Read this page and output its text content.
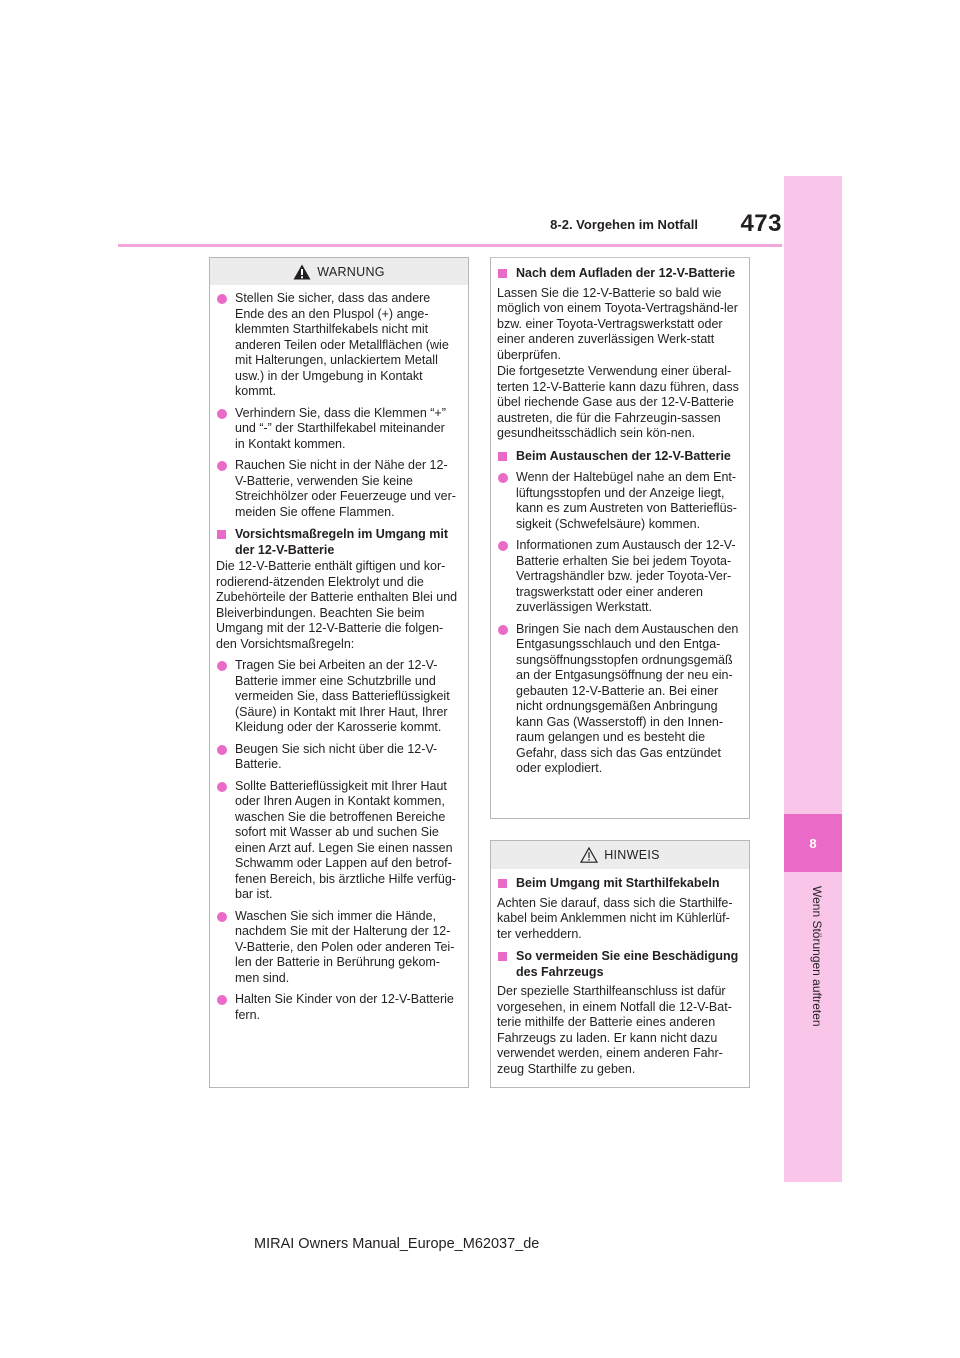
8
Wenn Störungen auftreten
8-2. Vorgehen im Notfall	473
WARNUNG
Stellen Sie sicher, dass das andere Ende des an den Pluspol (+) ange-klemmten Starthilfekabels nicht mit anderen Teilen oder Metallflächen (wie mit Halterungen, unlackiertem Metall usw.) in der Umgebung in Kontakt kommt.
Verhindern Sie, dass die Klemmen “+” und “-” der Starthilfekabel miteinander in Kontakt kommen.
Rauchen Sie nicht in der Nähe der 12-V-Batterie, verwenden Sie keine Streichhölzer oder Feuerzeuge und ver-meiden Sie offene Flammen.
Vorsichtsmaßregeln im Umgang mit der 12-V-Batterie
Die 12-V-Batterie enthält giftigen und kor-rodierend-ätzenden Elektrolyt und die Zubehörteile der Batterie enthalten Blei und Bleiverbindungen. Beachten Sie beim Umgang mit der 12-V-Batterie die folgen-den Vorsichtsmaßregeln:
Tragen Sie bei Arbeiten an der 12-V-Batterie immer eine Schutzbrille und vermeiden Sie, dass Batterieflüssigkeit (Säure) in Kontakt mit Ihrer Haut, Ihrer Kleidung oder der Karosserie kommt.
Beugen Sie sich nicht über die 12-V-Batterie.
Sollte Batterieflüssigkeit mit Ihrer Haut oder Ihren Augen in Kontakt kommen, waschen Sie die betroffenen Bereiche sofort mit Wasser ab und suchen Sie einen Arzt auf. Legen Sie einen nassen Schwamm oder Lappen auf den betrof-fenen Bereich, bis ärztliche Hilfe verfüg-bar ist.
Waschen Sie sich immer die Hände, nachdem Sie mit der Halterung der 12-V-Batterie, den Polen oder anderen Tei-len der Batterie in Berührung gekom-men sind.
Halten Sie Kinder von der 12-V-Batterie fern.
Nach dem Aufladen der 12-V-Batterie
Lassen Sie die 12-V-Batterie so bald wie möglich von einem Toyota-Vertragshänd-ler bzw. einer Toyota-Vertragswerkstatt oder einer anderen zuverlässigen Werk-statt überprüfen.
Die fortgesetzte Verwendung einer überal-terten 12-V-Batterie kann dazu führen, dass übel riechende Gase aus der 12-V-Batterie austreten, die für die Fahrzeugin-sassen gesundheitsschädlich sein kön-nen.
Beim Austauschen der 12-V-Batterie
Wenn der Haltebügel nahe an dem Ent-lüftungsstopfen und der Anzeige liegt, kann es zum Austreten von Batterieflüs-sigkeit (Schwefelsäure) kommen.
Informationen zum Austausch der 12-V-Batterie erhalten Sie bei jedem Toyota-Vertragshändler bzw. jeder Toyota-Ver-tragswerkstatt oder einer anderen zuverlässigen Werkstatt.
Bringen Sie nach dem Austauschen den Entgasungsschlauch und den Entga-sungsöffnungsstopfen ordnungsgemäß an der Entgasungsöffnung der neu ein-gebauten 12-V-Batterie an. Bei einer nicht ordnungsgemäßen Anbringung kann Gas (Wasserstoff) in den Innen-raum gelangen und es besteht die Gefahr, dass sich das Gas entzündet oder explodiert.
HINWEIS
Beim Umgang mit Starthilfekabeln
Achten Sie darauf, dass sich die Starthilfe-kabel beim Anklemmen nicht im Kühlerlüf-ter verheddern.
So vermeiden Sie eine Beschädigung des Fahrzeugs
Der spezielle Starthilfeanschluss ist dafür vorgesehen, in einem Notfall die 12-V-Bat-terie mithilfe der Batterie eines anderen Fahrzeugs zu laden. Er kann nicht dazu verwendet werden, einem anderen Fahr-zeug Starthilfe zu geben.
MIRAI Owners Manual_Europe_M62037_de
